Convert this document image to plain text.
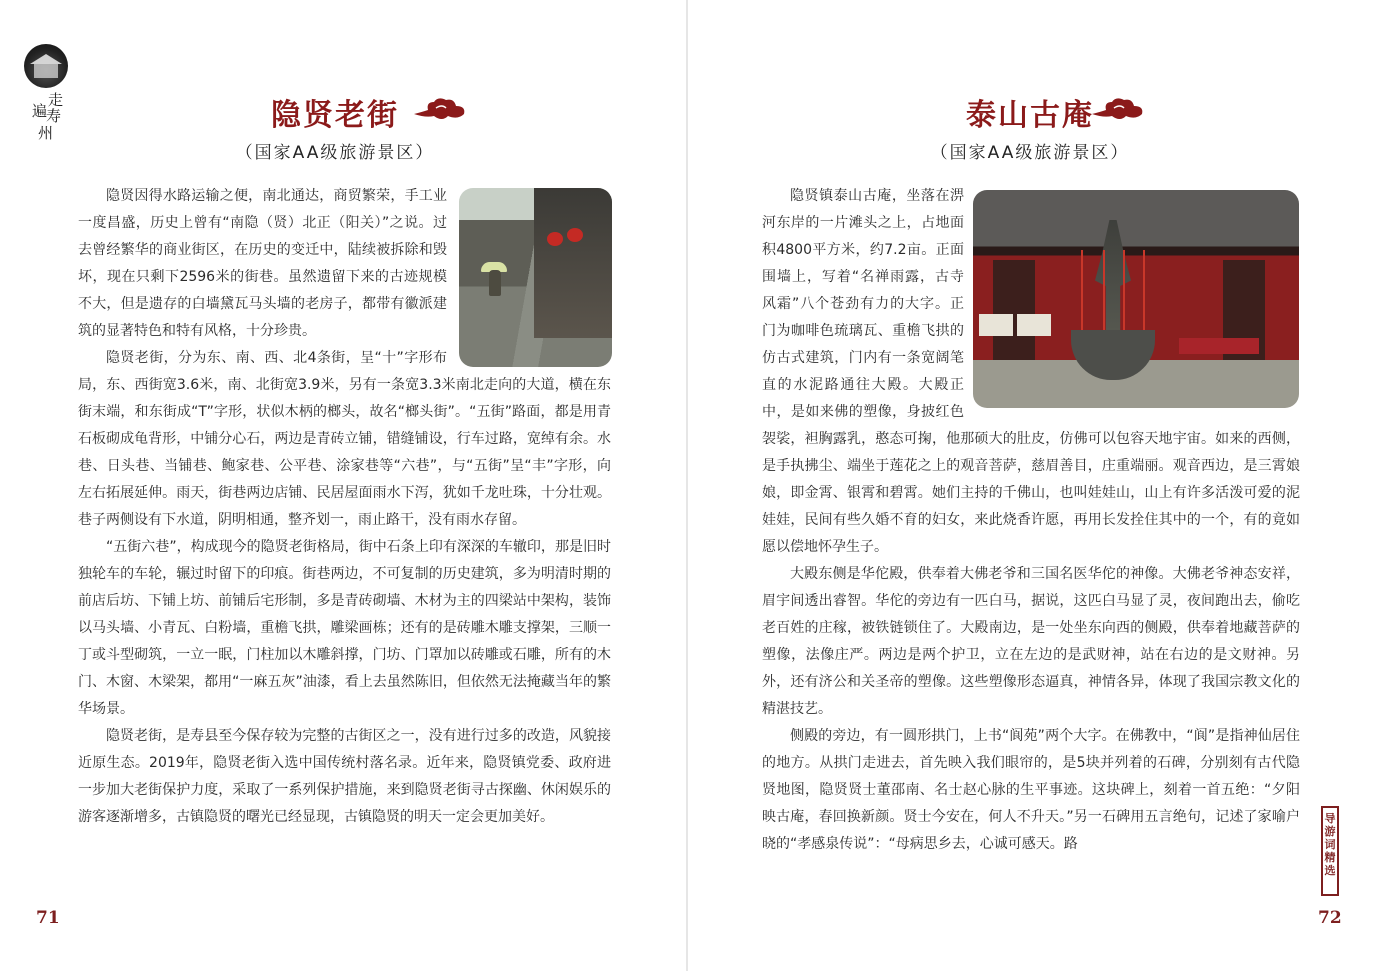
走
遍
寿
州	隐贤老街
（国家AA级旅游景区）

隐贤因得水路运输之便，南北通达，商贸繁荣，手工业一度昌盛，历史上曾有“南隐（贤）北正（阳关）”之说。过去曾经繁华的商业街区，在历史的变迁中，陆续被拆除和毁坏，现在只剩下2596米的街巷。虽然遗留下来的古迹规模不大，但是遗存的白墙黛瓦马头墙的老房子，都带有徽派建筑的显著特色和特有风格，十分珍贵。

隐贤老街，分为东、南、西、北4条街，呈“十”字形布局，东、西街宽3.6米，南、北街宽3.9米，另有一条宽3.3米南北走向的大道，横在东街末端，和东街成“T”字形，状似木柄的榔头，故名“榔头街”。“五街”路面，都是用青石板砌成龟背形，中铺分心石，两边是青砖立铺，错缝铺设，行车过路，宽绰有余。水巷、日头巷、当铺巷、鲍家巷、公平巷、涂家巷等“六巷”，与“五街”呈“丰”字形，向左右拓展延伸。雨天，街巷两边店铺、民居屋面雨水下泻，犹如千龙吐珠，十分壮观。巷子两侧设有下水道，阴明相通，整齐划一，雨止路干，没有雨水存留。

“五街六巷”，构成现今的隐贤老街格局，街中石条上印有深深的车辙印，那是旧时独轮车的车轮，辗过时留下的印痕。街巷两边，不可复制的历史建筑，多为明清时期的前店后坊、下铺上坊、前铺后宅形制，多是青砖砌墙、木材为主的四梁站中架构，装饰以马头墙、小青瓦、白粉墙，重檐飞拱，雕梁画栋；还有的是砖雕木雕支撑架，三顺一丁或斗型砌筑，一立一眠，门柱加以木雕斜撑，门坊、门罩加以砖雕或石雕，所有的木门、木窗、木梁架，都用“一麻五灰”油漆，看上去虽然陈旧，但依然无法掩藏当年的繁华场景。

隐贤老街，是寿县至今保存较为完整的古街区之一，没有进行过多的改造，风貌接近原生态。2019年，隐贤老街入选中国传统村落名录。近年来，隐贤镇党委、政府进一步加大老街保护力度，采取了一系列保护措施，来到隐贤老街寻古探幽、休闲娱乐的游客逐渐增多，古镇隐贤的曙光已经显现，古镇隐贤的明天一定会更加美好。

71
泰山古庵
（国家AA级旅游景区）
导
游
词
精
选
72

隐贤镇泰山古庵，坐落在淠河东岸的一片滩头之上，占地面积4800平方米，约7.2亩。正面围墙上，写着“名禅雨露，古寺风霜”八个苍劲有力的大字。正门为咖啡色琉璃瓦、重檐飞拱的仿古式建筑，门内有一条宽阔笔直的水泥路通往大殿。大殿正中，是如来佛的塑像，身披红色袈裟，袒胸露乳，憨态可掬，他那硕大的肚皮，仿佛可以包容天地宇宙。如来的西侧，是手执拂尘、端坐于莲花之上的观音菩萨，慈眉善目，庄重端丽。观音西边，是三霄娘娘，即金霄、银霄和碧霄。她们主持的千佛山，也叫娃娃山，山上有许多活泼可爱的泥娃娃，民间有些久婚不育的妇女，来此烧香许愿，再用长发拴住其中的一个，有的竟如愿以偿地怀孕生子。

大殿东侧是华佗殿，供奉着大佛老爷和三国名医华佗的神像。大佛老爷神态安祥，眉宇间透出睿智。华佗的旁边有一匹白马，据说，这匹白马显了灵，夜间跑出去，偷吃老百姓的庄稼，被铁链锁住了。大殿南边，是一处坐东向西的侧殿，供奉着地藏菩萨的塑像，法像庄严。两边是两个护卫，立在左边的是武财神，站在右边的是文财神。另外，还有济公和关圣帝的塑像。这些塑像形态逼真，神情各异，体现了我国宗教文化的精湛技艺。

侧殿的旁边，有一圆形拱门，上书“阆苑”两个大字。在佛教中，“阆”是指神仙居住的地方。从拱门走进去，首先映入我们眼帘的，是5块并列着的石碑，分别刻有古代隐贤地图，隐贤贤士董邵南、名士赵心脉的生平事迹。这块碑上，刻着一首五绝：“夕阳映古庵，春回换新颜。贤士今安在，何人不升天。”另一石碑用五言绝句，记述了家喻户晓的“孝感泉传说”：“母病思乡去，心诚可感天。路
